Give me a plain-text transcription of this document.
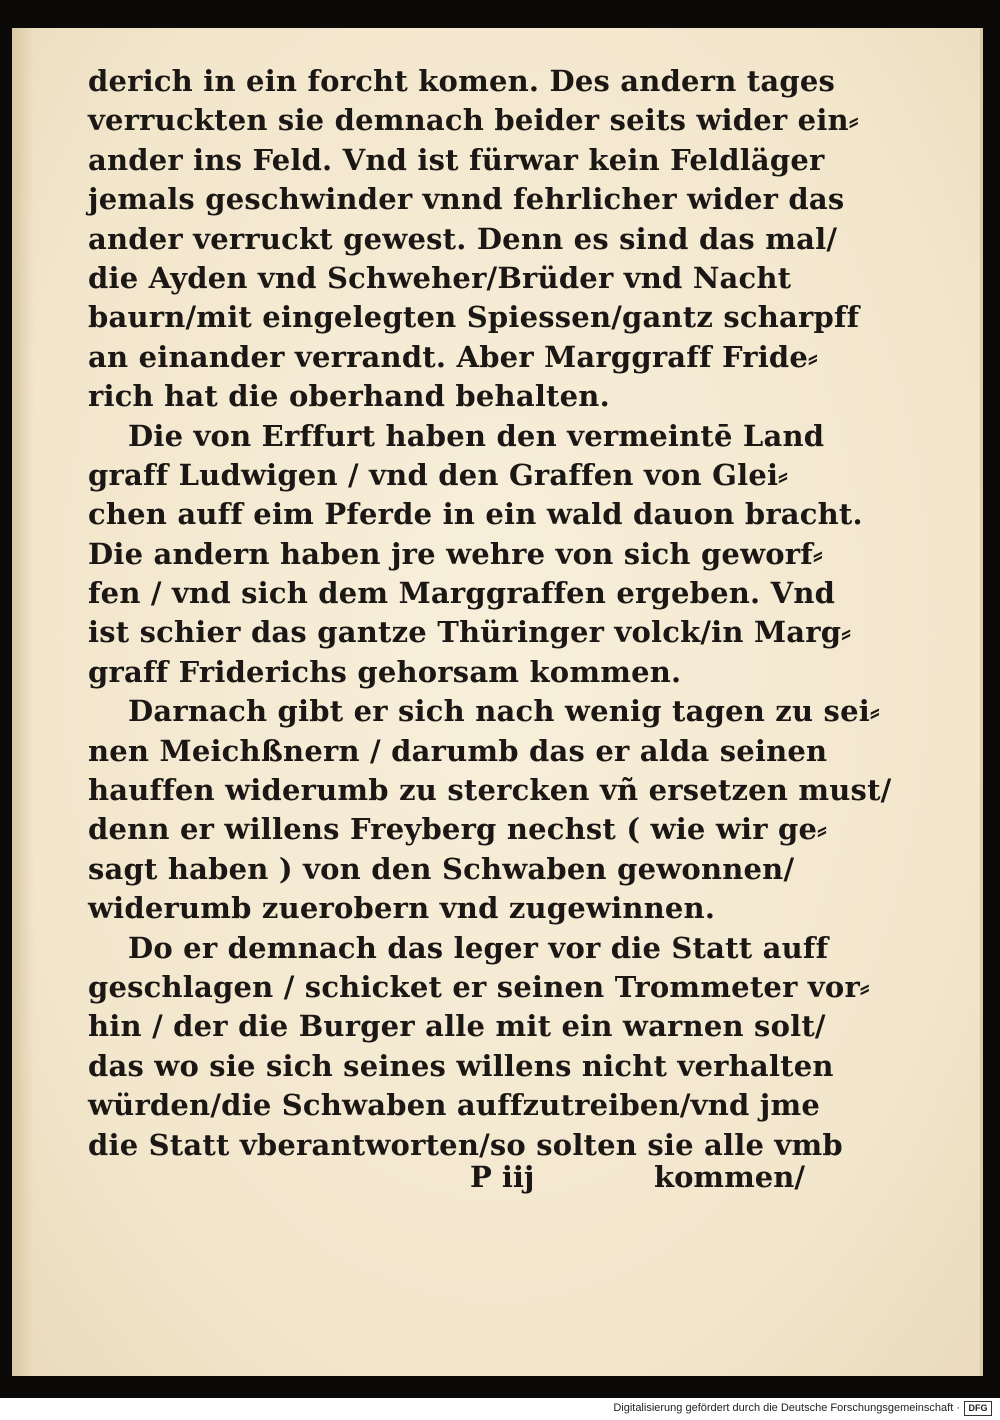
derich in ein forcht komen. Des andern tages
verruckten sie demnach beider seits wider ein⸗
ander ins Feld. Vnd ist fürwar kein Feldläger
jemals geschwinder vnnd fehrlicher wider das
ander verruckt gewest. Denn es sind das mal/
die Ayden vnd Schweher/Brüder vnd Nacht
baurn/mit eingelegten Spiessen/gantz scharpff
an einander verrandt. Aber Marggraff Fride⸗
rich hat die oberhand behalten.
Die von Erffurt haben den vermeintē Land
graff Ludwigen / vnd den Graffen von Glei⸗
chen auff eim Pferde in ein wald dauon bracht.
Die andern haben jre wehre von sich geworf⸗
fen / vnd sich dem Marggraffen ergeben. Vnd
ist schier das gantze Thüringer volck/in Marg⸗
graff Friderichs gehorsam kommen.
Darnach gibt er sich nach wenig tagen zu sei⸗
nen Meichßnern / darumb das er alda seinen
hauffen widerumb zu stercken vñ ersetzen must/
denn er willens Freyberg nechst ( wie wir ge⸗
sagt haben ) von den Schwaben gewonnen/
widerumb zuerobern vnd zugewinnen.
Do er demnach das leger vor die Statt auff
geschlagen / schicket er seinen Trommeter vor⸗
hin / der die Burger alle mit ein warnen solt/
das wo sie sich seines willens nicht verhalten
würden/die Schwaben auffzutreiben/vnd jme
die Statt vberantworten/so solten sie alle vmb
P iij	kommen/
Digitalisierung gefördert durch die Deutsche Forschungsgemeinschaft · DFG
